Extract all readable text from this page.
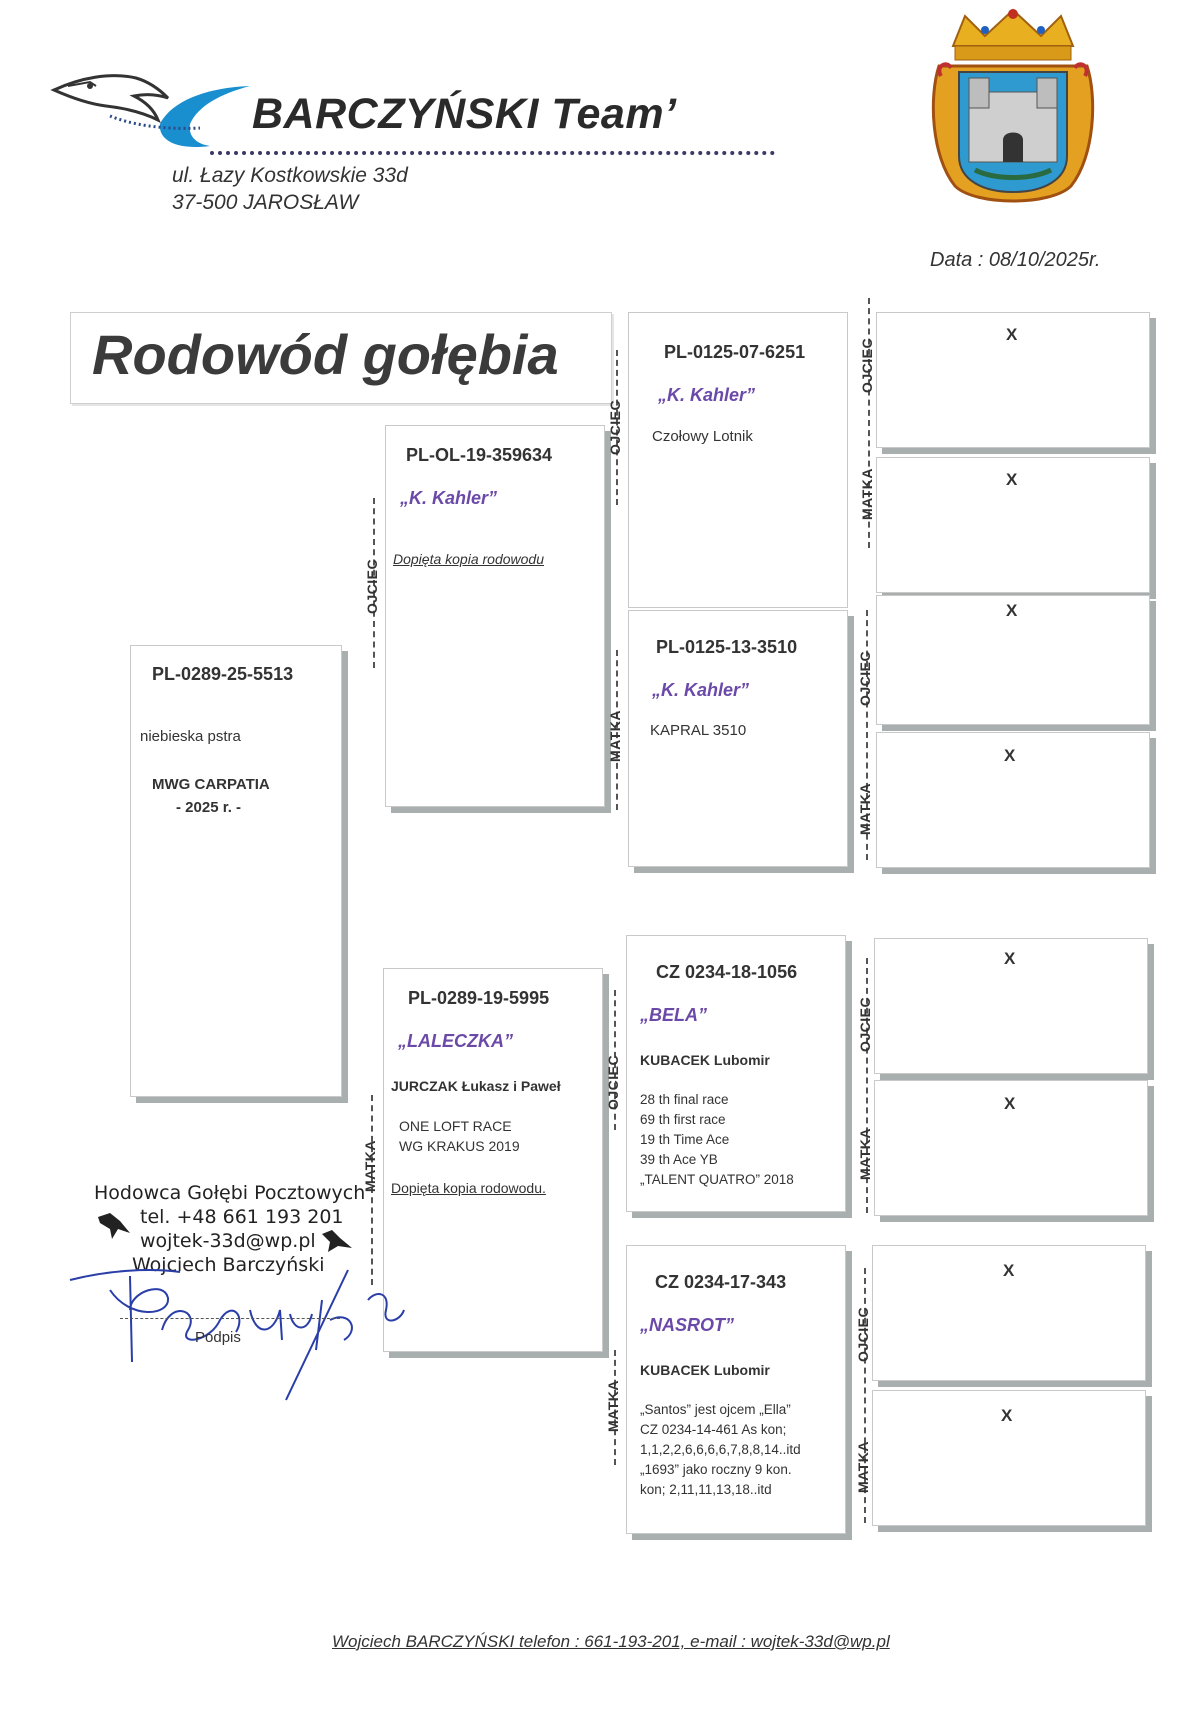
BARCZYŃSKI Team’
ul. Łazy Kostkowskie 33d
37-500 JAROSŁAW
Data : 08/10/2025r.
Rodowód gołębia
PL-0289-25-5513
niebieska pstra
MWG CARPATIA
- 2025 r. -
OJCIEC
PL-OL-19-359634
„K. Kahler”
Dopięta kopia rodowodu
MATKA
PL-0289-19-5995
„LALECZKA”
JURCZAK Łukasz i Paweł
ONE LOFT RACE
WG KRAKUS 2019
Dopięta kopia rodowodu.
OJCIEC
PL-0125-07-6251
„K. Kahler”
Czołowy Lotnik
MATKA
PL-0125-13-3510
„K. Kahler”
KAPRAL 3510
OJCIEC
CZ 0234-18-1056
„BELA”
KUBACEK Lubomir
28 th final race
69 th first race
19 th Time Ace
39 th Ace YB
„TALENT QUATRO” 2018
MATKA
CZ 0234-17-343
„NASROT”
KUBACEK Lubomir
„Santos” jest ojcem „Ella”
CZ 0234-14-461 As kon;
1,1,2,2,6,6,6,6,7,8,8,14..itd
„1693” jako roczny 9 kon.
kon; 2,11,11,13,18..itd
OJCIEC
MATKA
X
X
OJCIEC
MATKA
X
X
OJCIEC
MATKA
X
X
OJCIEC
MATKA
X
X
Hodowca Gołębi Pocztowych
tel. +48 661 193 201
wojtek-33d@wp.pl
Wojciech Barczyński
Podpis
Wojciech BARCZYŃSKI telefon : 661-193-201, e-mail : wojtek-33d@wp.pl
